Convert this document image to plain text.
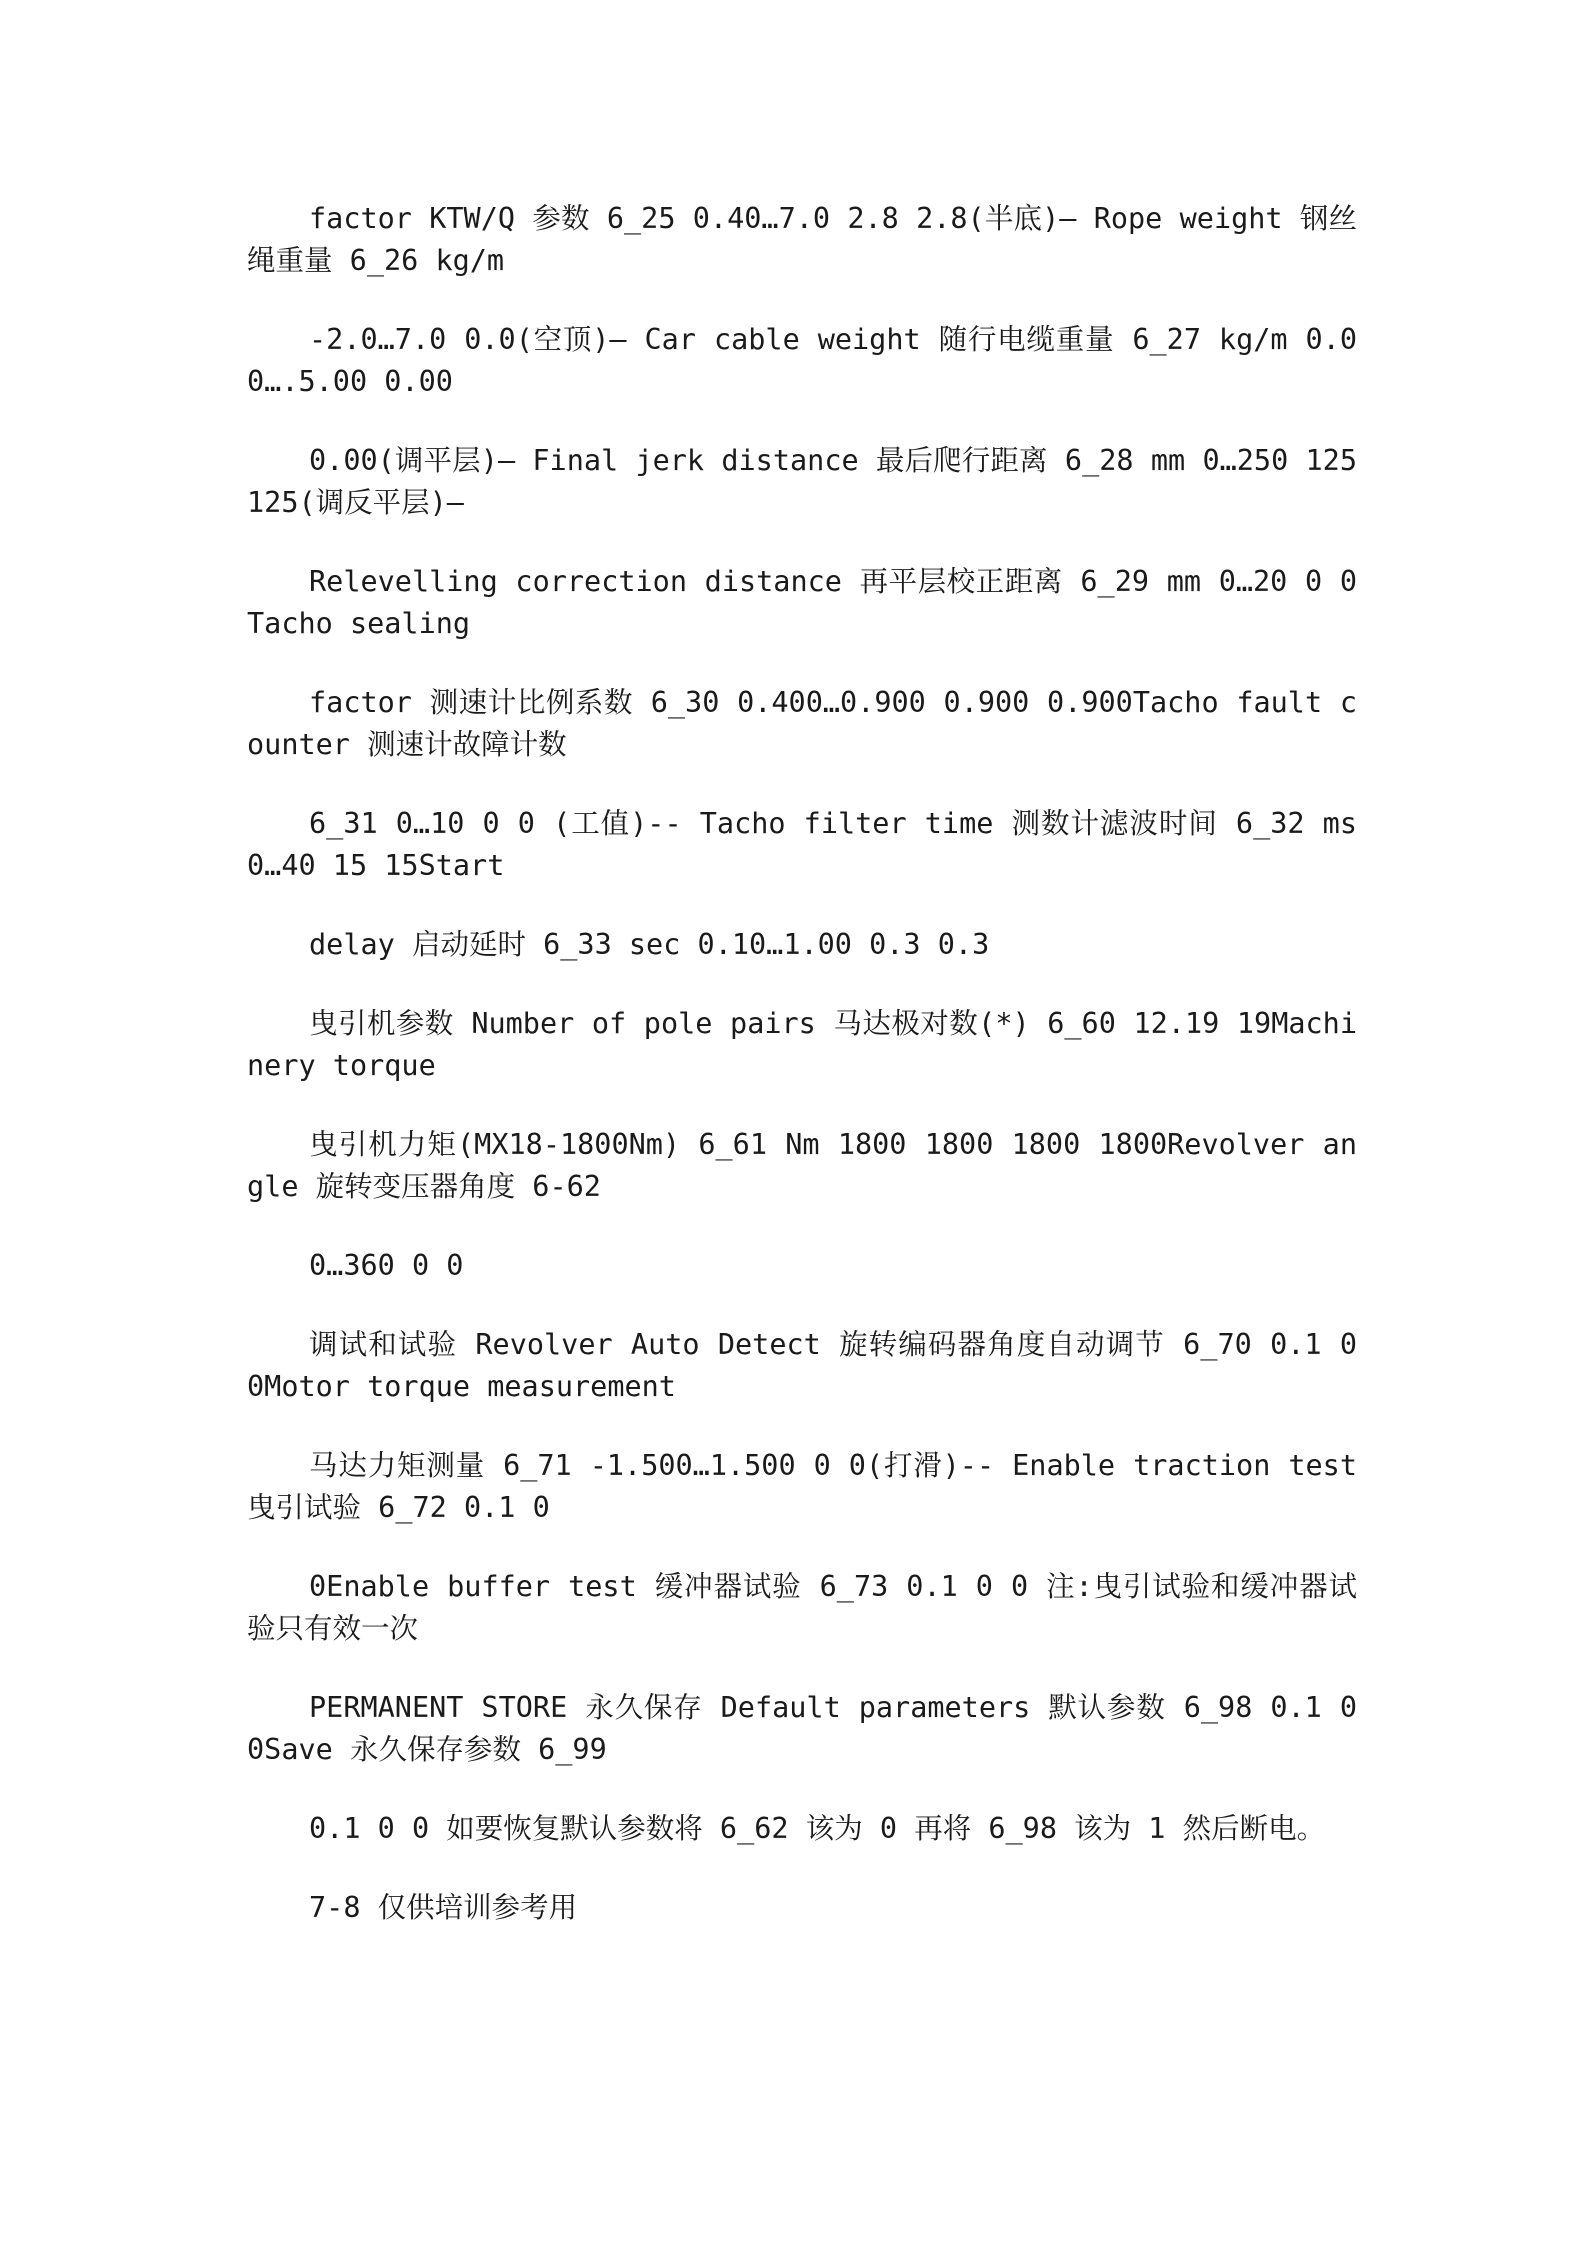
factor KTW/Q 参数 6_25 0.40…7.0 2.8 2.8(半底)— Rope weight 钢丝绳重量 6_26 kg/m

-2.0…7.0 0.0(空顶)— Car cable weight 随行电缆重量 6_27 kg/m 0.00….5.00 0.00

0.00(调平层)— Final jerk distance 最后爬行距离 6_28 mm 0…250 125 125(调反平层)—

Relevelling correction distance 再平层校正距离 6_29 mm 0…20 0 0Tacho sealing

factor 测速计比例系数 6_30 0.400…0.900 0.900 0.900Tacho fault counter 测速计故障计数

6_31 0…10 0 0 (工值)-- Tacho filter time 测数计滤波时间 6_32 ms 0…40 15 15Start

delay 启动延时 6_33 sec 0.10…1.00 0.3 0.3

曳引机参数 Number of pole pairs 马达极对数(*) 6_60 12.19 19Machinery torque

曳引机力矩(MX18-1800Nm) 6_61 Nm 1800 1800 1800 1800Revolver angle 旋转变压器角度 6-62

0…360 0 0

调试和试验 Revolver Auto Detect 旋转编码器角度自动调节 6_70 0.1 0 0Motor torque measurement

马达力矩测量 6_71 -1.500…1.500 0 0(打滑)-- Enable traction test 曳引试验 6_72 0.1 0

0Enable buffer test 缓冲器试验 6_73 0.1 0 0 注:曳引试验和缓冲器试验只有效一次

PERMANENT STORE 永久保存 Default parameters 默认参数 6_98 0.1 0 0Save 永久保存参数 6_99

0.1 0 0 如要恢复默认参数将 6_62 该为 0 再将 6_98 该为 1 然后断电。

7-8 仅供培训参考用
